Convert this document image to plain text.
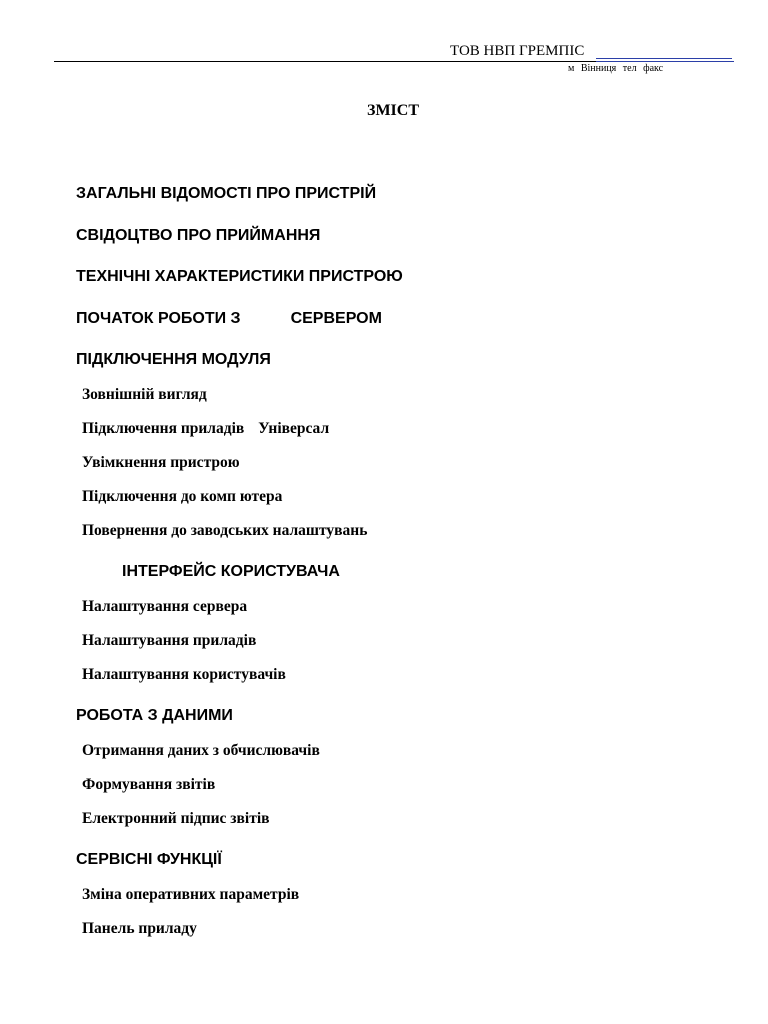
ТОВ НВП ГРЕМПІС
м Вінниця тел факс
ЗМІСТ
ЗАГАЛЬНІ ВІДОМОСТІ ПРО ПРИСТРІЙ
СВІДОЦТВО ПРО ПРИЙМАННЯ
ТЕХНІЧНІ ХАРАКТЕРИСТИКИ ПРИСТРОЮ
ПОЧАТОК РОБОТИ З	СЕРВЕРОМ
ПІДКЛЮЧЕННЯ МОДУЛЯ
Зовнішній вигляд
Підключення приладів Універсал
Увімкнення пристрою
Підключення до комп ютера
Повернення до заводських налаштувань
ІНТЕРФЕЙС КОРИСТУВАЧА
Налаштування сервера
Налаштування приладів
Налаштування користувачів
РОБОТА З ДАНИМИ
Отримання даних з обчислювачів
Формування звітів
Електронний підпис звітів
СЕРВІСНІ ФУНКЦІЇ
Зміна оперативних параметрів
Панель приладу
